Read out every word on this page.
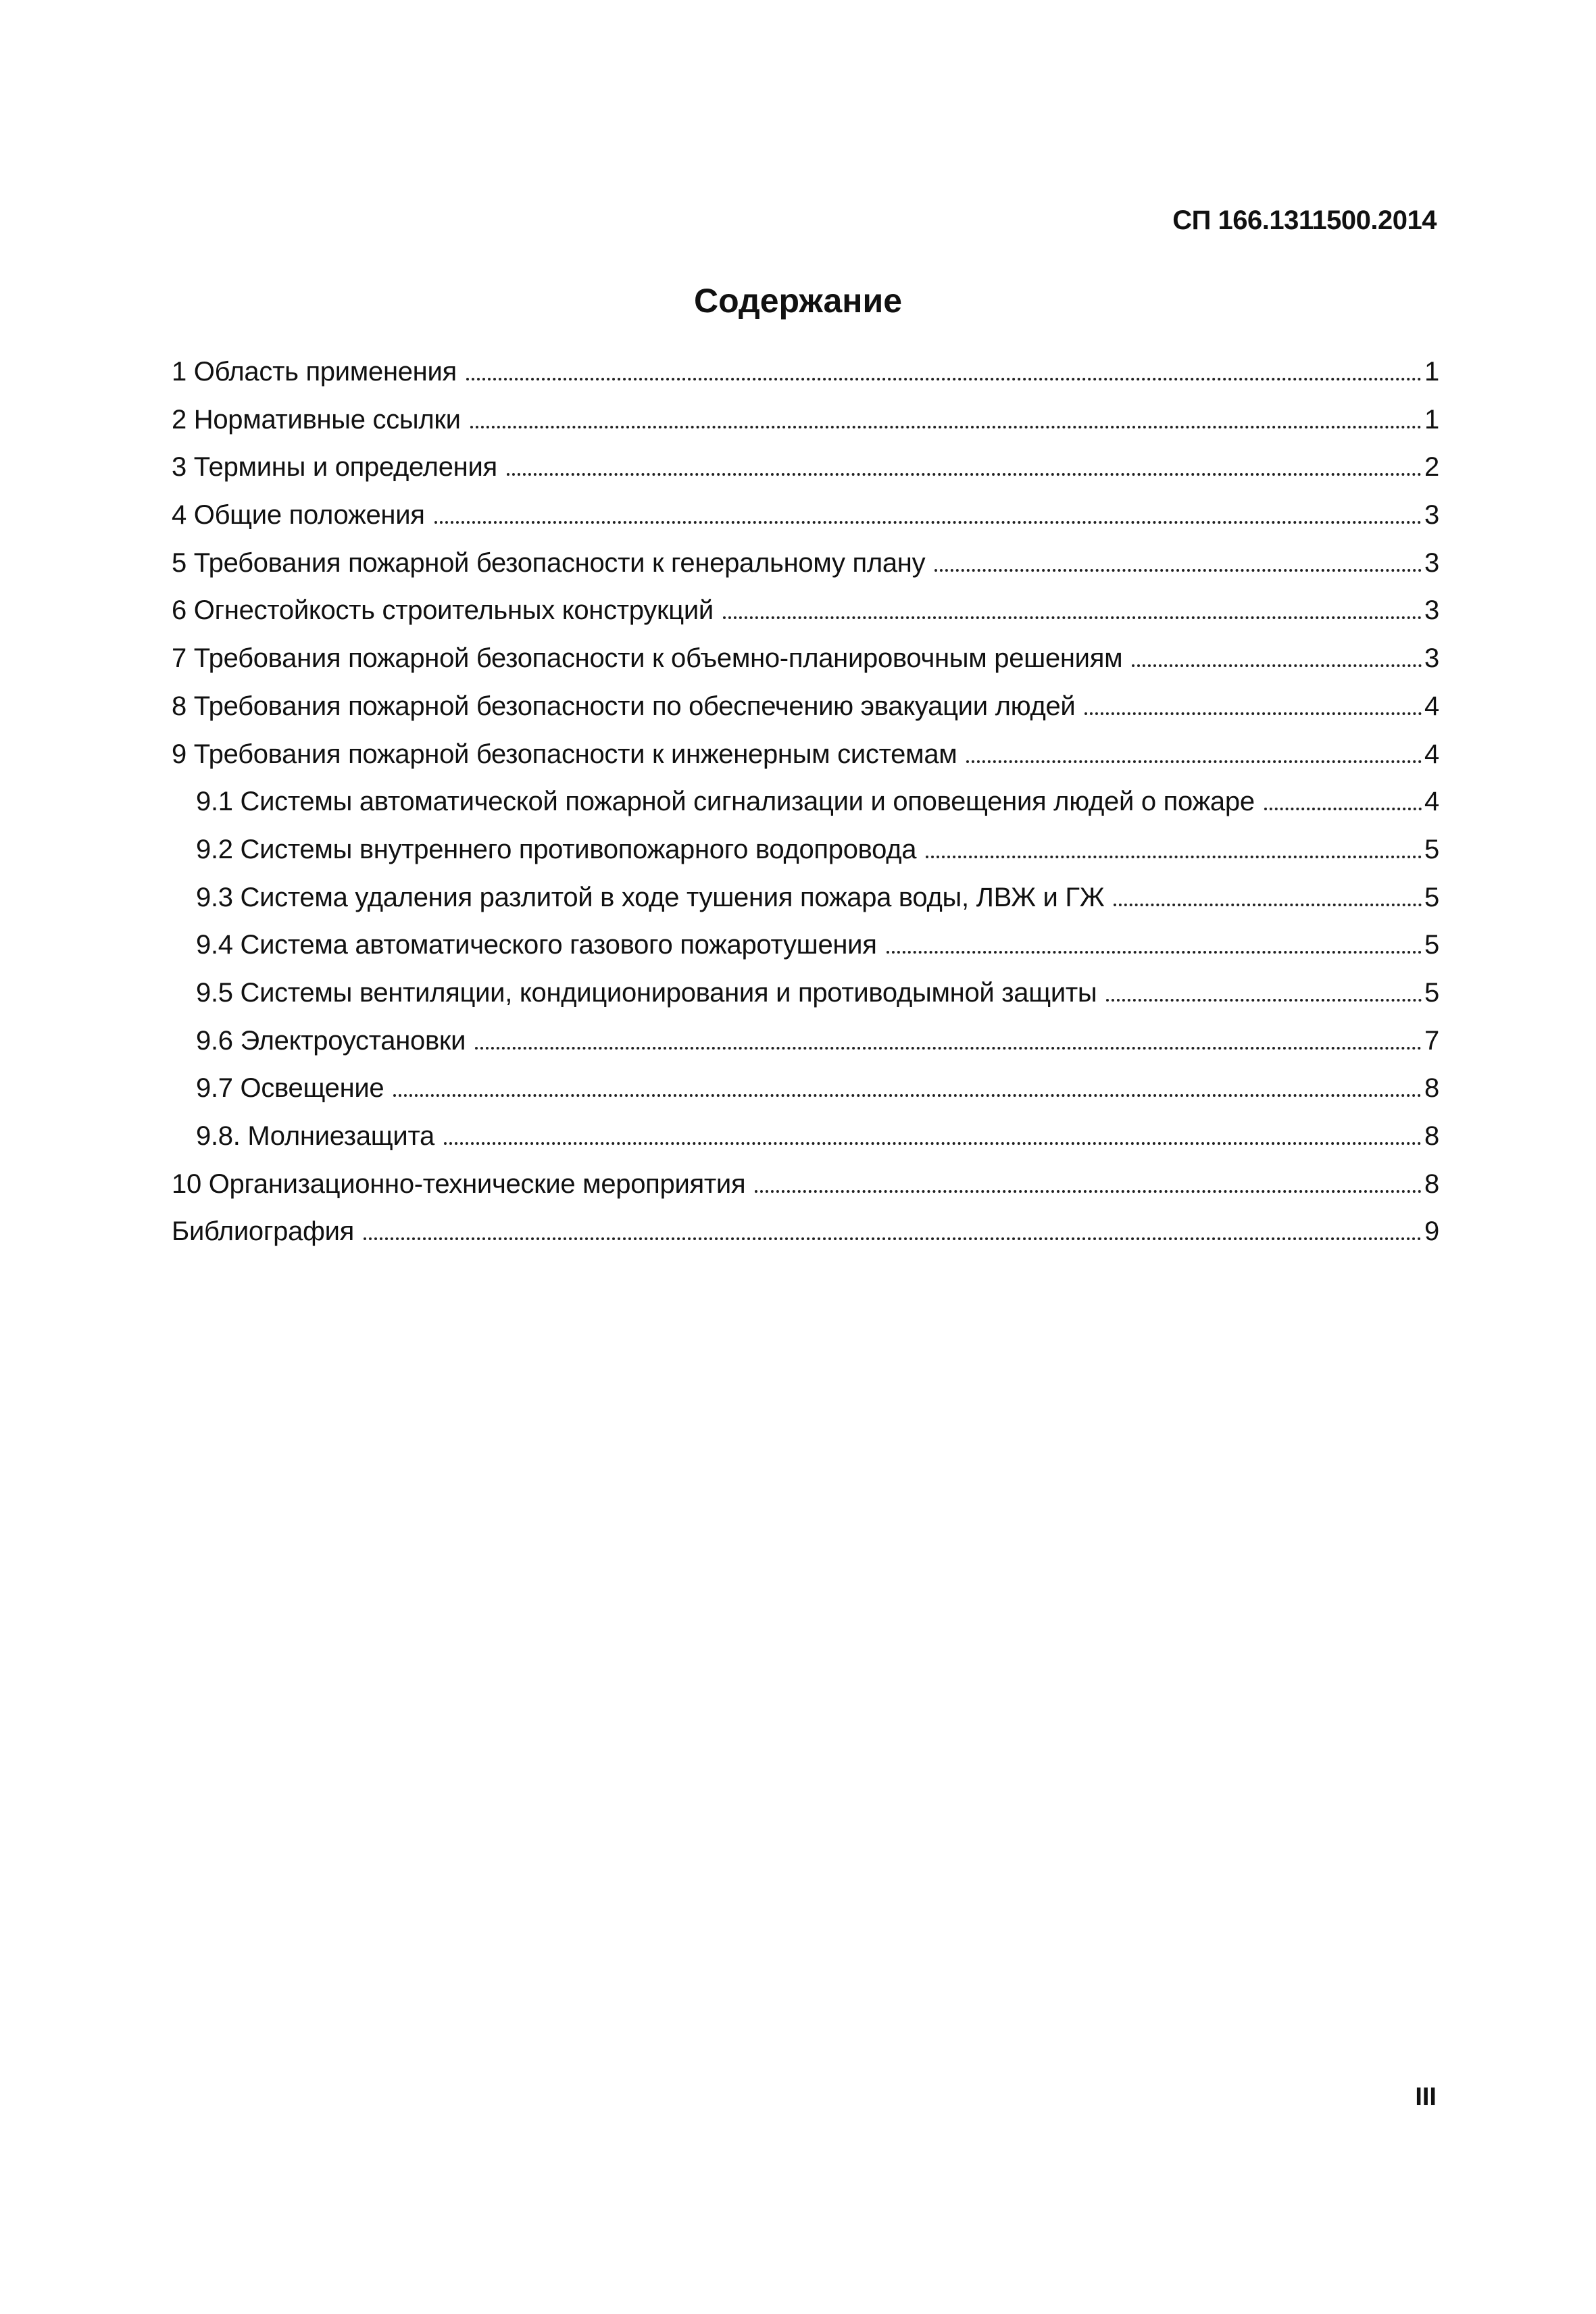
СП 166.1311500.2014
Содержание
1 Область применения	1
2 Нормативные ссылки	1
3 Термины и определения	2
4 Общие положения	3
5 Требования пожарной безопасности к генеральному плану	3
6 Огнестойкость строительных конструкций	3
7 Требования пожарной безопасности к объемно-планировочным решениям	3
8 Требования пожарной безопасности по обеспечению эвакуации людей	4
9 Требования пожарной безопасности к инженерным системам	4
9.1 Системы автоматической пожарной сигнализации и оповещения людей о пожаре	4
9.2 Системы внутреннего противопожарного водопровода	5
9.3 Система удаления разлитой в ходе тушения пожара воды, ЛВЖ и ГЖ	5
9.4 Система автоматического газового пожаротушения	5
9.5 Системы вентиляции, кондиционирования и противодымной защиты	5
9.6 Электроустановки	7
9.7 Освещение	8
9.8. Молниезащита	8
10 Организационно-технические мероприятия	8
Библиография	9
III
